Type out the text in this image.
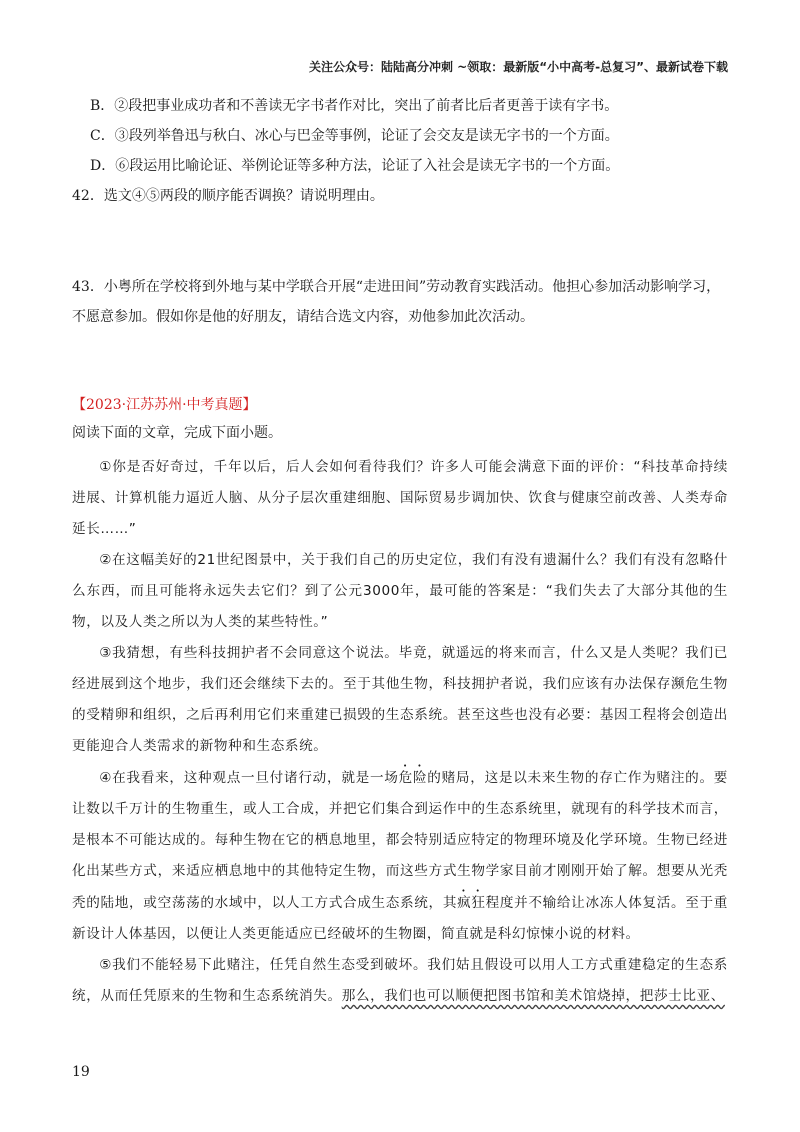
关注公众号：陆陆高分冲刺 ~领取：最新版“小中高考-总复习”、最新试卷下载

B．②段把事业成功者和不善读无字书者作对比，突出了前者比后者更善于读有字书。

C．③段列举鲁迅与秋白、冰心与巴金等事例，论证了会交友是读无字书的一个方面。

D．⑥段运用比喻论证、举例论证等多种方法，论证了入社会是读无字书的一个方面。

42．选文④⑤两段的顺序能否调换？请说明理由。

43．小粤所在学校将到外地与某中学联合开展“走进田间”劳动教育实践活动。他担心参加活动影响学习，不愿意参加。假如你是他的好朋友，请结合选文内容，劝他参加此次活动。

【2023·江苏苏州·中考真题】

阅读下面的文章，完成下面小题。

①你是否好奇过，千年以后，后人会如何看待我们？许多人可能会满意下面的评价：“科技革命持续进展、计算机能力逼近人脑、从分子层次重建细胞、国际贸易步调加快、饮食与健康空前改善、人类寿命延长……”

②在这幅美好的21世纪图景中，关于我们自己的历史定位，我们有没有遗漏什么？我们有没有忽略什么东西，而且可能将永远失去它们？到了公元3000年，最可能的答案是：“我们失去了大部分其他的生物，以及人类之所以为人类的某些特性。”

③我猜想，有些科技拥护者不会同意这个说法。毕竟，就遥远的将来而言，什么又是人类呢？我们已经进展到这个地步，我们还会继续下去的。至于其他生物，科技拥护者说，我们应该有办法保存濒危生物的受精卵和组织，之后再利用它们来重建已损毁的生态系统。甚至这些也没有必要：基因工程将会创造出更能迎合人类需求的新物种和生态系统。

④在我看来，这种观点一旦付诸行动，就是一场危险的赌局，这是以未来生物的存亡作为赌注的。要让数以千万计的生物重生，或人工合成，并把它们集合到运作中的生态系统里，就现有的科学技术而言，是根本不可能达成的。每种生物在它的栖息地里，都会特别适应特定的物理环境及化学环境。生物已经进化出某些方式，来适应栖息地中的其他特定生物，而这些方式生物学家目前才刚刚开始了解。想要从光秃秃的陆地，或空荡荡的水域中，以人工方式合成生态系统，其疯狂程度并不输给让冰冻人体复活。至于重新设计人体基因，以便让人类更能适应已经破坏的生物圈，简直就是科幻惊悚小说的材料。

⑤我们不能轻易下此赌注，任凭自然生态受到破坏。我们姑且假设可以用人工方式重建稳定的生态系统，从而任凭原来的生物和生态系统消失。那么，我们也可以顺便把图书馆和美术馆烧掉，把莎士比亚、

19
